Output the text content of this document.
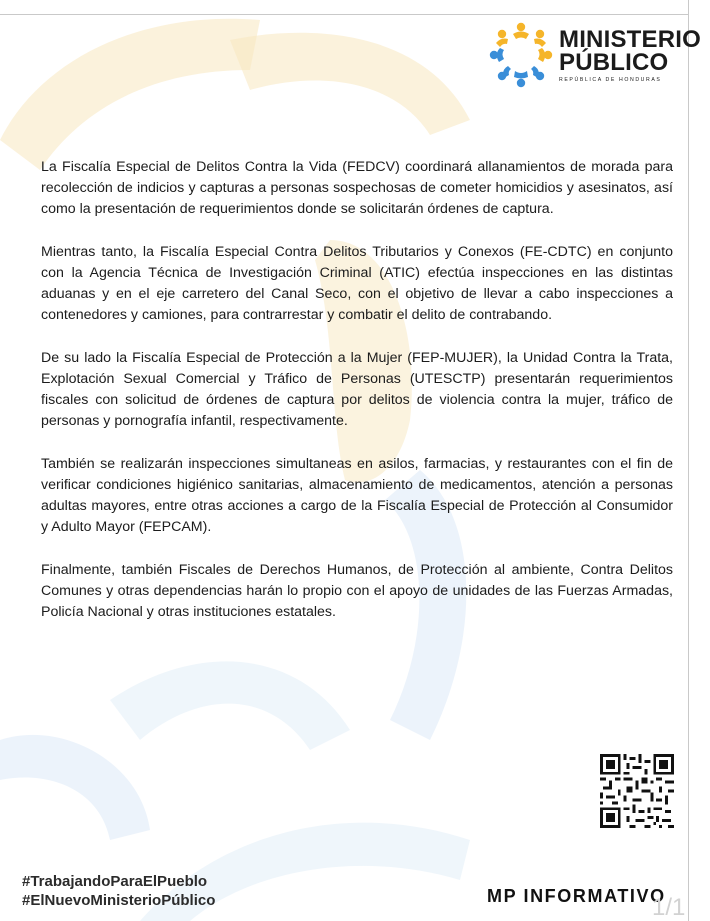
MINISTERIO
PÚBLICO
REPÚBLICA DE HONDURAS

La Fiscalía Especial de Delitos Contra la Vida (FEDCV) coordinará allanamientos de morada para recolección de indicios y capturas a personas sospechosas de cometer homicidios y asesinatos, así como la presentación de requerimientos donde se solicitarán órdenes de captura.

Mientras tanto, la Fiscalía Especial Contra Delitos Tributarios y Conexos (FE-CDTC) en conjunto con la Agencia Técnica de Investigación Criminal (ATIC) efectúa inspecciones en las distintas aduanas y en el eje carretero del Canal Seco, con el objetivo de llevar a cabo inspecciones a contenedores y camiones, para contrarrestar y combatir el delito de contrabando.

De su lado la Fiscalía Especial de Protección a la Mujer (FEP-MUJER), la Unidad Contra la Trata, Explotación Sexual Comercial y Tráfico de Personas (UTESCTP) presentarán requerimientos fiscales con solicitud de órdenes de captura por delitos de violencia contra la mujer, tráfico de personas y pornografía infantil, respectivamente.

También se realizarán inspecciones simultaneas en asilos, farmacias, y restaurantes con el fin de verificar condiciones higiénico sanitarias, almacenamiento de medicamentos, atención a personas adultas mayores, entre otras acciones a cargo de la Fiscalía Especial de Protección al Consumidor y Adulto Mayor (FEPCAM).

Finalmente, también Fiscales de Derechos Humanos, de Protección al ambiente, Contra Delitos Comunes y otras dependencias harán lo propio con el apoyo de unidades de las Fuerzas Armadas, Policía Nacional y otras instituciones estatales.

#TrabajandoParaElPueblo
#ElNuevoMinisterioPúblico	MP INFORMATIVO
1/1
